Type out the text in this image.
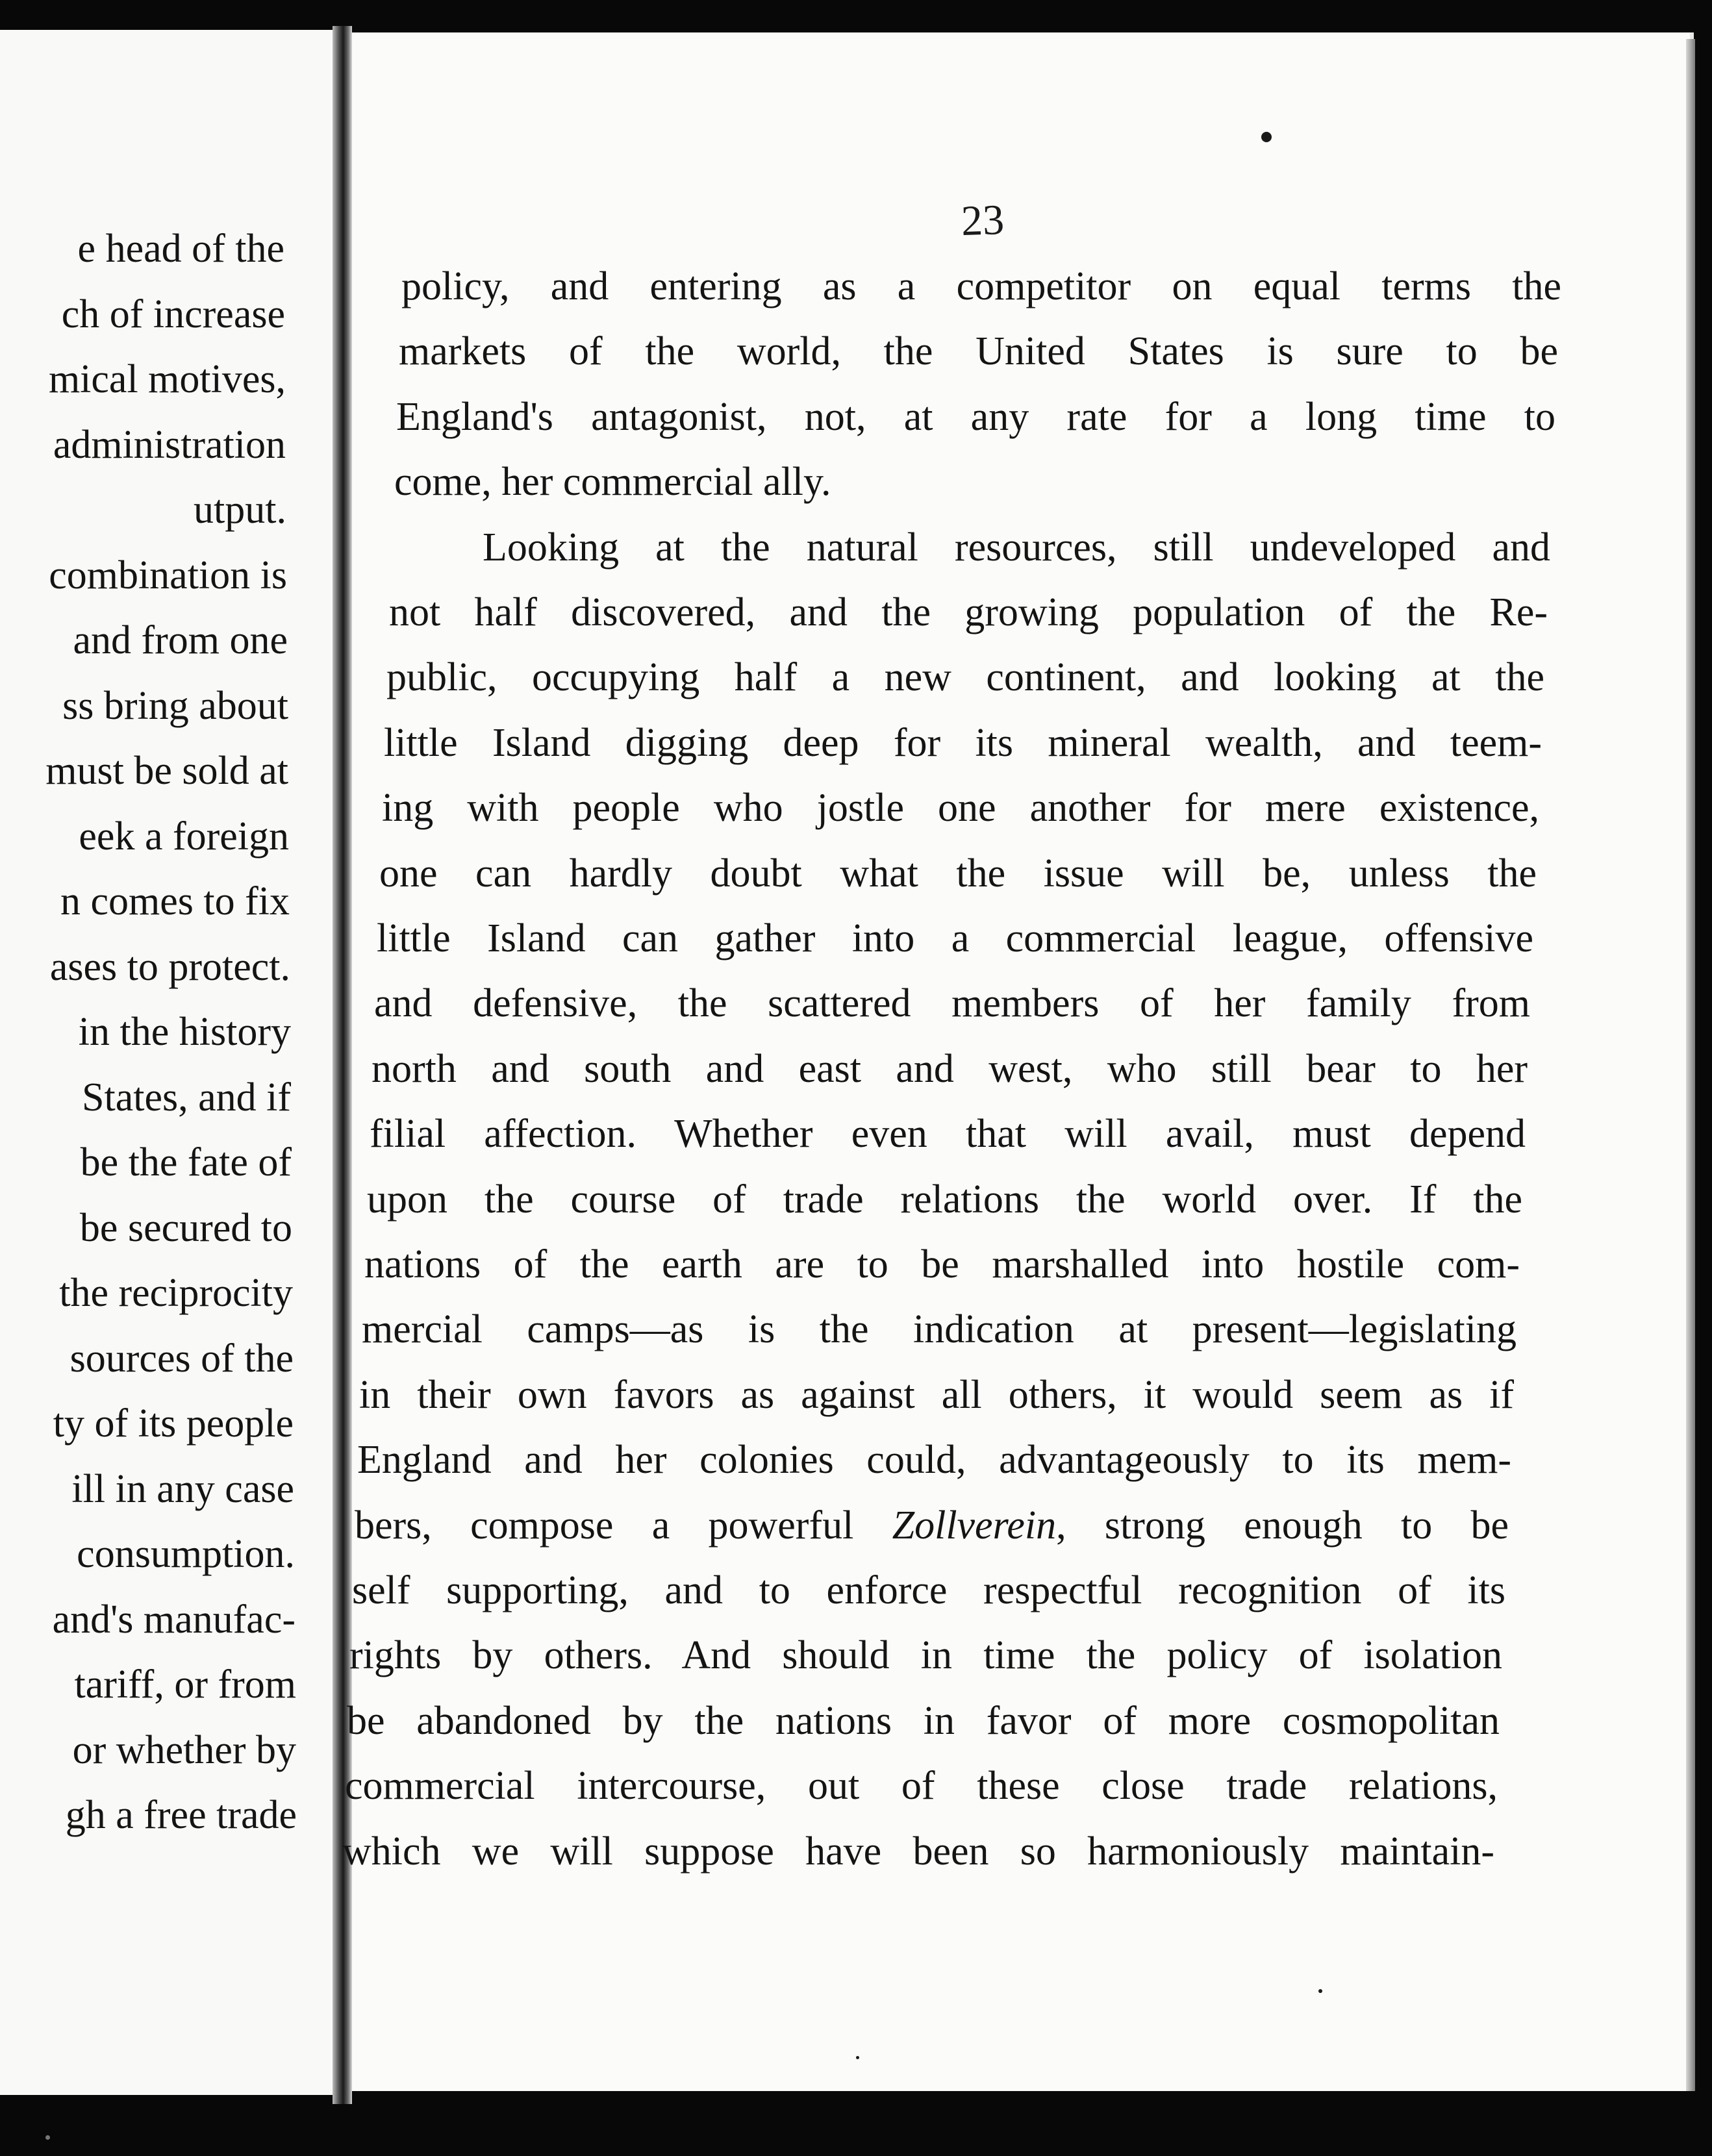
e head of the

ch of increase

mical motives,

administration

utput.

combination is

and from one

ss bring about

must be sold at

eek a foreign

n comes to fix

ases to protect.

in the history

States, and if

be the fate of

be secured to

the reciprocity

sources of the

ty of its people

ill in any case

consumption.

and's manufac-

tariff, or from

or whether by

gh a free trade

23

policy, and entering as a competitor on equal terms the

markets of the world, the United States is sure to be

England's antagonist, not, at any rate for a long time to

come, her commercial ally.

Looking at the natural resources, still undeveloped and

not half discovered, and the growing population of the Re-

public, occupying half a new continent, and looking at the

little Island digging deep for its mineral wealth, and teem-

ing with people who jostle one another for mere existence,

one can hardly doubt what the issue will be, unless the

little Island can gather into a commercial league, offensive

and defensive, the scattered members of her family from

north and south and east and west, who still bear to her

filial affection. Whether even that will avail, must depend

upon the course of trade relations the world over. If the

nations of the earth are to be marshalled into hostile com-

mercial camps—as is the indication at present—legislating

in their own favors as against all others, it would seem as if

England and her colonies could, advantageously to its mem-

bers, compose a powerful Zollverein, strong enough to be

self supporting, and to enforce respectful recognition of its

rights by others. And should in time the policy of isolation

be abandoned by the nations in favor of more cosmopolitan

commercial intercourse, out of these close trade relations,

which we will suppose have been so harmoniously maintain-
